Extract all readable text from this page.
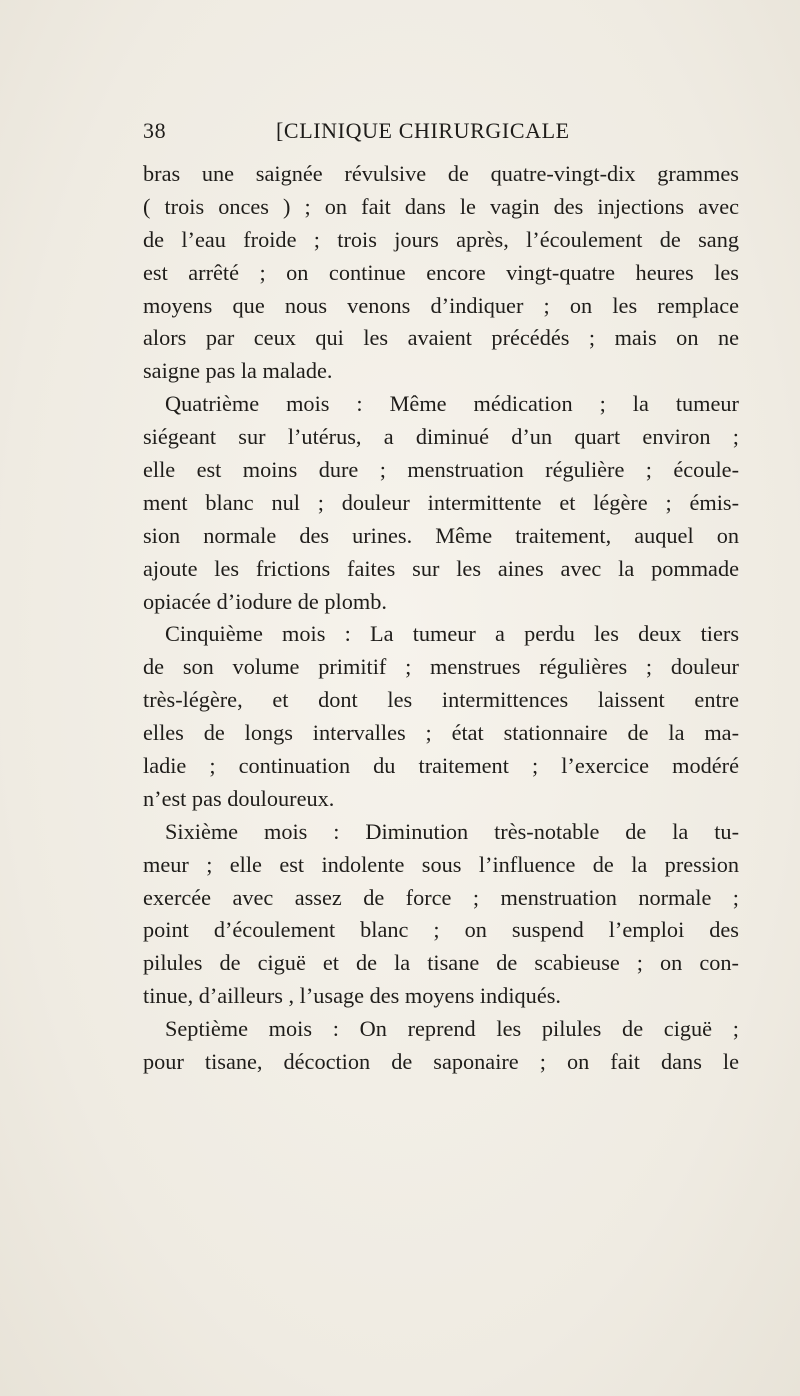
38	[CLINIQUE CHIRURGICALE
bras une saignée révulsive de quatre-vingt-dix grammes
( trois onces ) ; on fait dans le vagin des injections avec
de l’eau froide ; trois jours après, l’écoulement de sang
est arrêté ; on continue encore vingt-quatre heures les
moyens que nous venons d’indiquer ; on les remplace
alors par ceux qui les avaient précédés ; mais on ne
saigne pas la malade.
Quatrième mois : Même médication ; la tumeur
siégeant sur l’utérus, a diminué d’un quart environ ;
elle est moins dure ; menstruation régulière ; écoule-
ment blanc nul ; douleur intermittente et légère ; émis-
sion normale des urines. Même traitement, auquel on
ajoute les frictions faites sur les aines avec la pommade
opiacée d’iodure de plomb.
Cinquième mois : La tumeur a perdu les deux tiers
de son volume primitif ; menstrues régulières ; douleur
très-légère, et dont les intermittences laissent entre
elles de longs intervalles ; état stationnaire de la ma-
ladie ; continuation du traitement ; l’exercice modéré
n’est pas douloureux.
Sixième mois : Diminution très-notable de la tu-
meur ; elle est indolente sous l’influence de la pression
exercée avec assez de force ; menstruation normale ;
point d’écoulement blanc ; on suspend l’emploi des
pilules de ciguë et de la tisane de scabieuse ; on con-
tinue, d’ailleurs , l’usage des moyens indiqués.
Septième mois : On reprend les pilules de ciguë ;
pour tisane, décoction de saponaire ; on fait dans le
